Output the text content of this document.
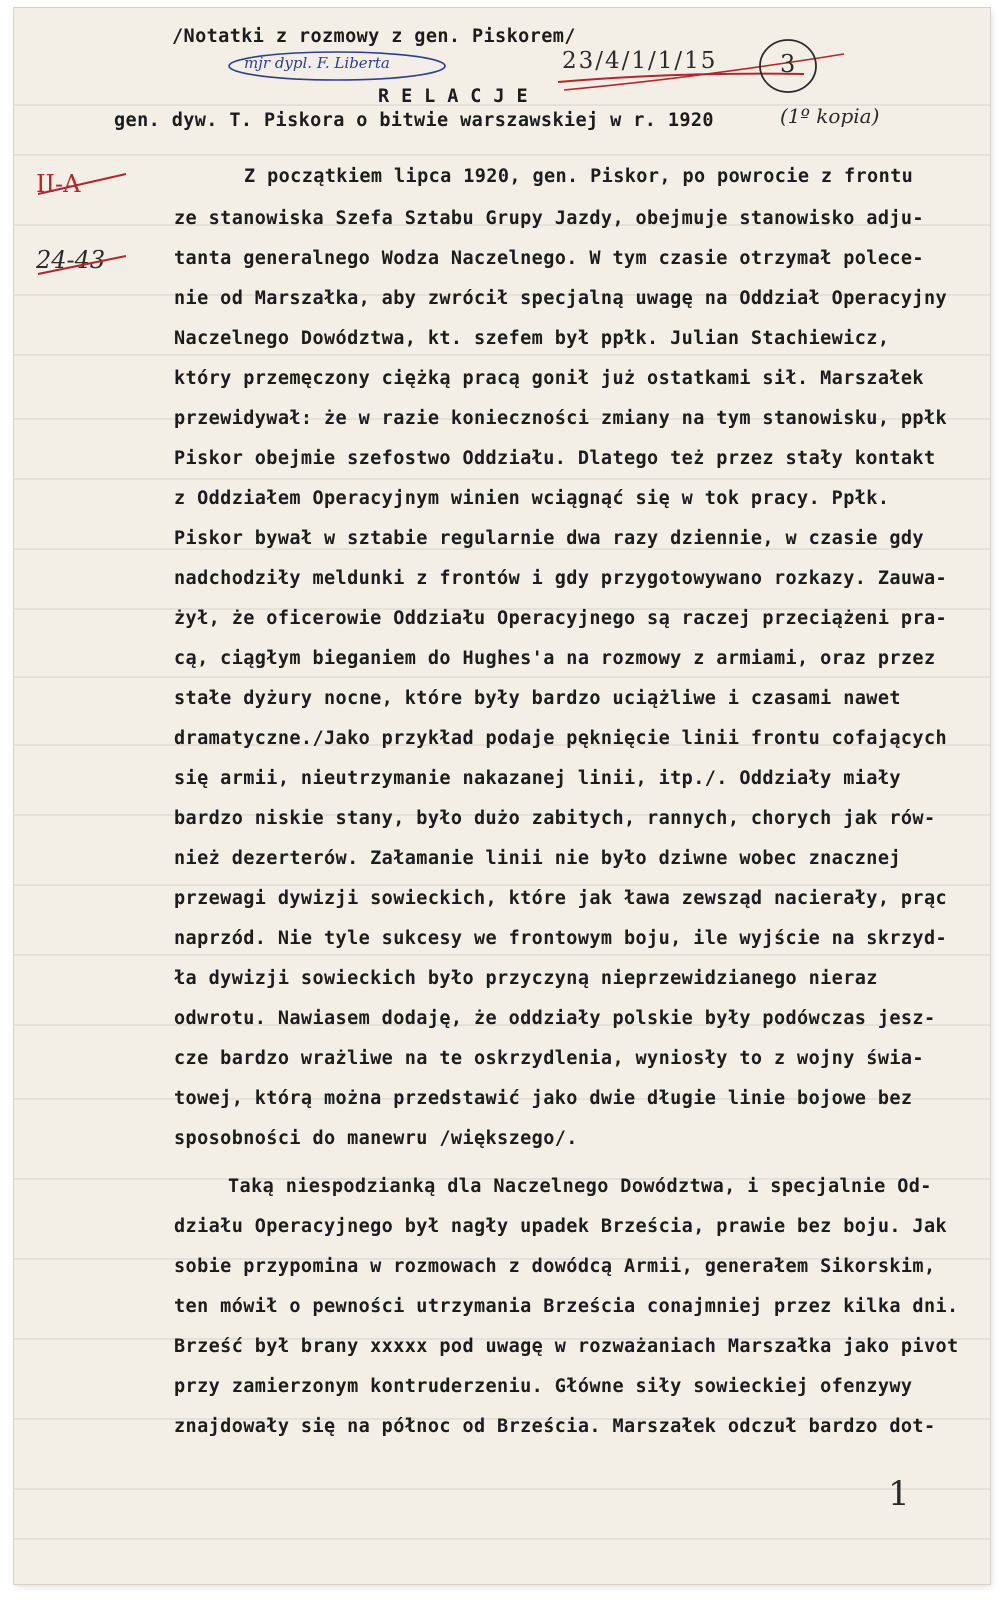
/Notatki z rozmowy z gen. Piskorem/
mjr dypl. F. Liberta	23/4/1/1/15	3
(1º kopia)
II-A
24-43
R E L A C J E
gen. dyw. T. Piskora o bitwie warszawskiej w r. 1920
Z początkiem lipca 1920, gen. Piskor, po powrocie z frontu
ze stanowiska Szefa Sztabu Grupy Jazdy, obejmuje stanowisko adju-
tanta generalnego Wodza Naczelnego. W tym czasie otrzymał polece-
nie od Marszałka, aby zwrócił specjalną uwagę na Oddział Operacyjny
Naczelnego Dowództwa, kt. szefem był ppłk. Julian Stachiewicz,
który przemęczony ciężką pracą gonił już ostatkami sił. Marszałek
przewidywał: że w razie konieczności zmiany na tym stanowisku, ppłk
Piskor obejmie szefostwo Oddziału. Dlatego też przez stały kontakt
z Oddziałem Operacyjnym winien wciągnąć się w tok pracy. Ppłk.
Piskor bywał w sztabie regularnie dwa razy dziennie, w czasie gdy
nadchodziły meldunki z frontów i gdy przygotowywano rozkazy. Zauwa-
żył, że oficerowie Oddziału Operacyjnego są raczej przeciążeni pra-
cą, ciągłym bieganiem do Hughes'a na rozmowy z armiami, oraz przez
stałe dyżury nocne, które były bardzo uciążliwe i czasami nawet
dramatyczne./Jako przykład podaje pęknięcie linii frontu cofających
się armii, nieutrzymanie nakazanej linii, itp./. Oddziały miały
bardzo niskie stany, było dużo zabitych, rannych, chorych jak rów-
nież dezerterów. Załamanie linii nie było dziwne wobec znacznej
przewagi dywizji sowieckich, które jak ława zewsząd nacierały, prąc
naprzód. Nie tyle sukcesy we frontowym boju, ile wyjście na skrzyd-
ła dywizji sowieckich było przyczyną nieprzewidzianego nieraz
odwrotu. Nawiasem dodaję, że oddziały polskie były podówczas jesz-
cze bardzo wrażliwe na te oskrzydlenia, wyniosły to z wojny świa-
towej, którą można przedstawić jako dwie długie linie bojowe bez
sposobności do manewru /większego/.
Taką niespodzianką dla Naczelnego Dowództwa, i specjalnie Od-
działu Operacyjnego był nagły upadek Brześcia, prawie bez boju. Jak
sobie przypomina w rozmowach z dowódcą Armii, generałem Sikorskim,
ten mówił o pewności utrzymania Brześcia conajmniej przez kilka dni.
Brześć był brany xxxxx pod uwagę w rozważaniach Marszałka jako pivot
przy zamierzonym kontruderzeniu. Główne siły sowieckiej ofenzywy
znajdowały się na północ od Brześcia. Marszałek odczuł bardzo dot-
1
